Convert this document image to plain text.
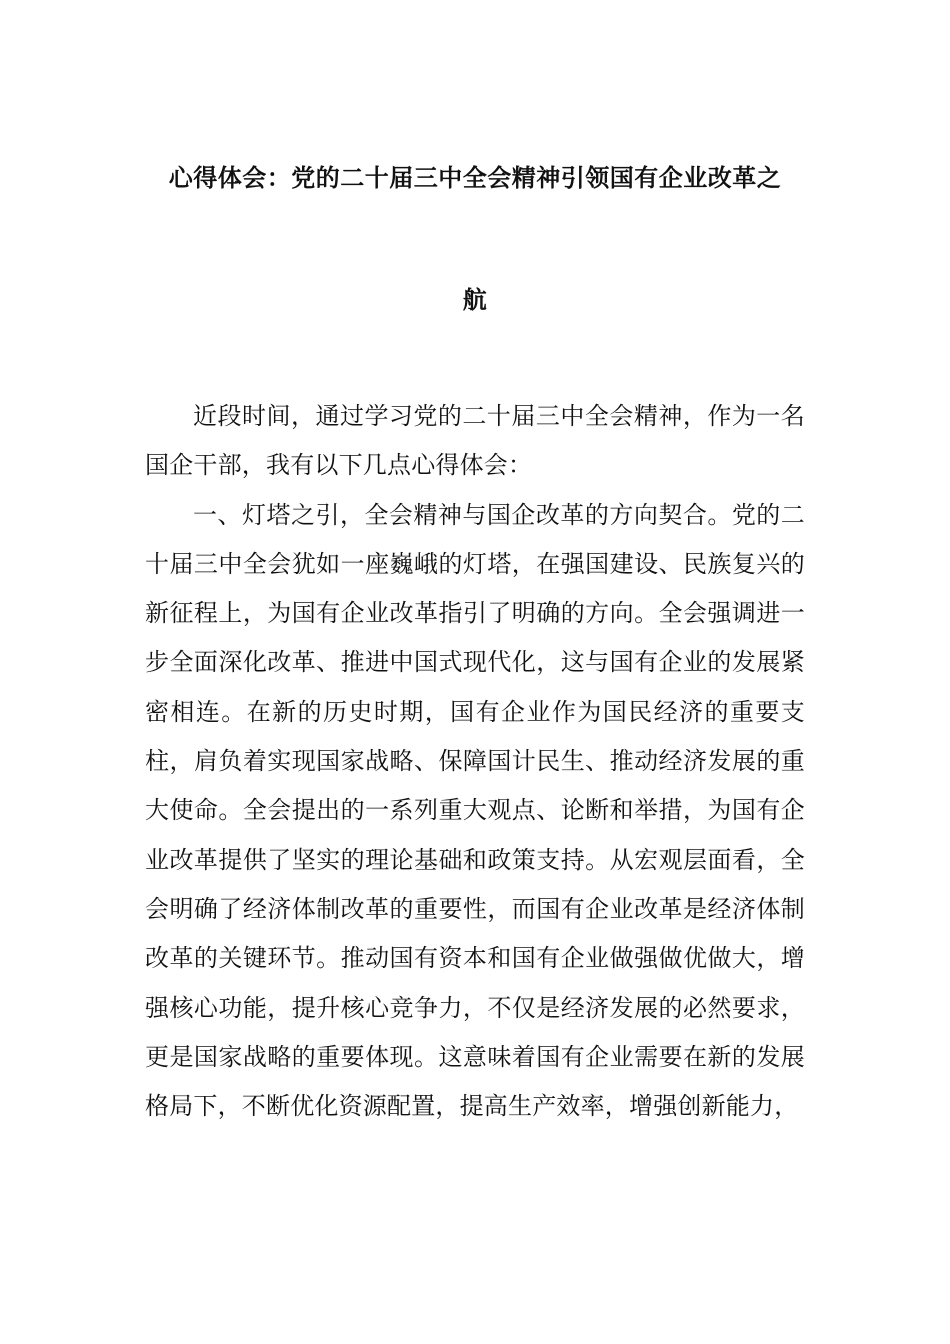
心得体会：党的二十届三中全会精神引领国有企业改革之
航

近段时间，通过学习党的二十届三中全会精神，作为一名国企干部，我有以下几点心得体会：

一、灯塔之引，全会精神与国企改革的方向契合。党的二十届三中全会犹如一座巍峨的灯塔，在强国建设、民族复兴的新征程上，为国有企业改革指引了明确的方向。全会强调进一步全面深化改革、推进中国式现代化，这与国有企业的发展紧密相连。在新的历史时期，国有企业作为国民经济的重要支柱，肩负着实现国家战略、保障国计民生、推动经济发展的重大使命。全会提出的一系列重大观点、论断和举措，为国有企业改革提供了坚实的理论基础和政策支持。从宏观层面看，全会明确了经济体制改革的重要性，而国有企业改革是经济体制改革的关键环节。推动国有资本和国有企业做强做优做大，增强核心功能，提升核心竞争力，不仅是经济发展的必然要求，更是国家战略的重要体现。这意味着国有企业需要在新的发展格局下，不断优化资源配置，提高生产效率，增强创新能力，
